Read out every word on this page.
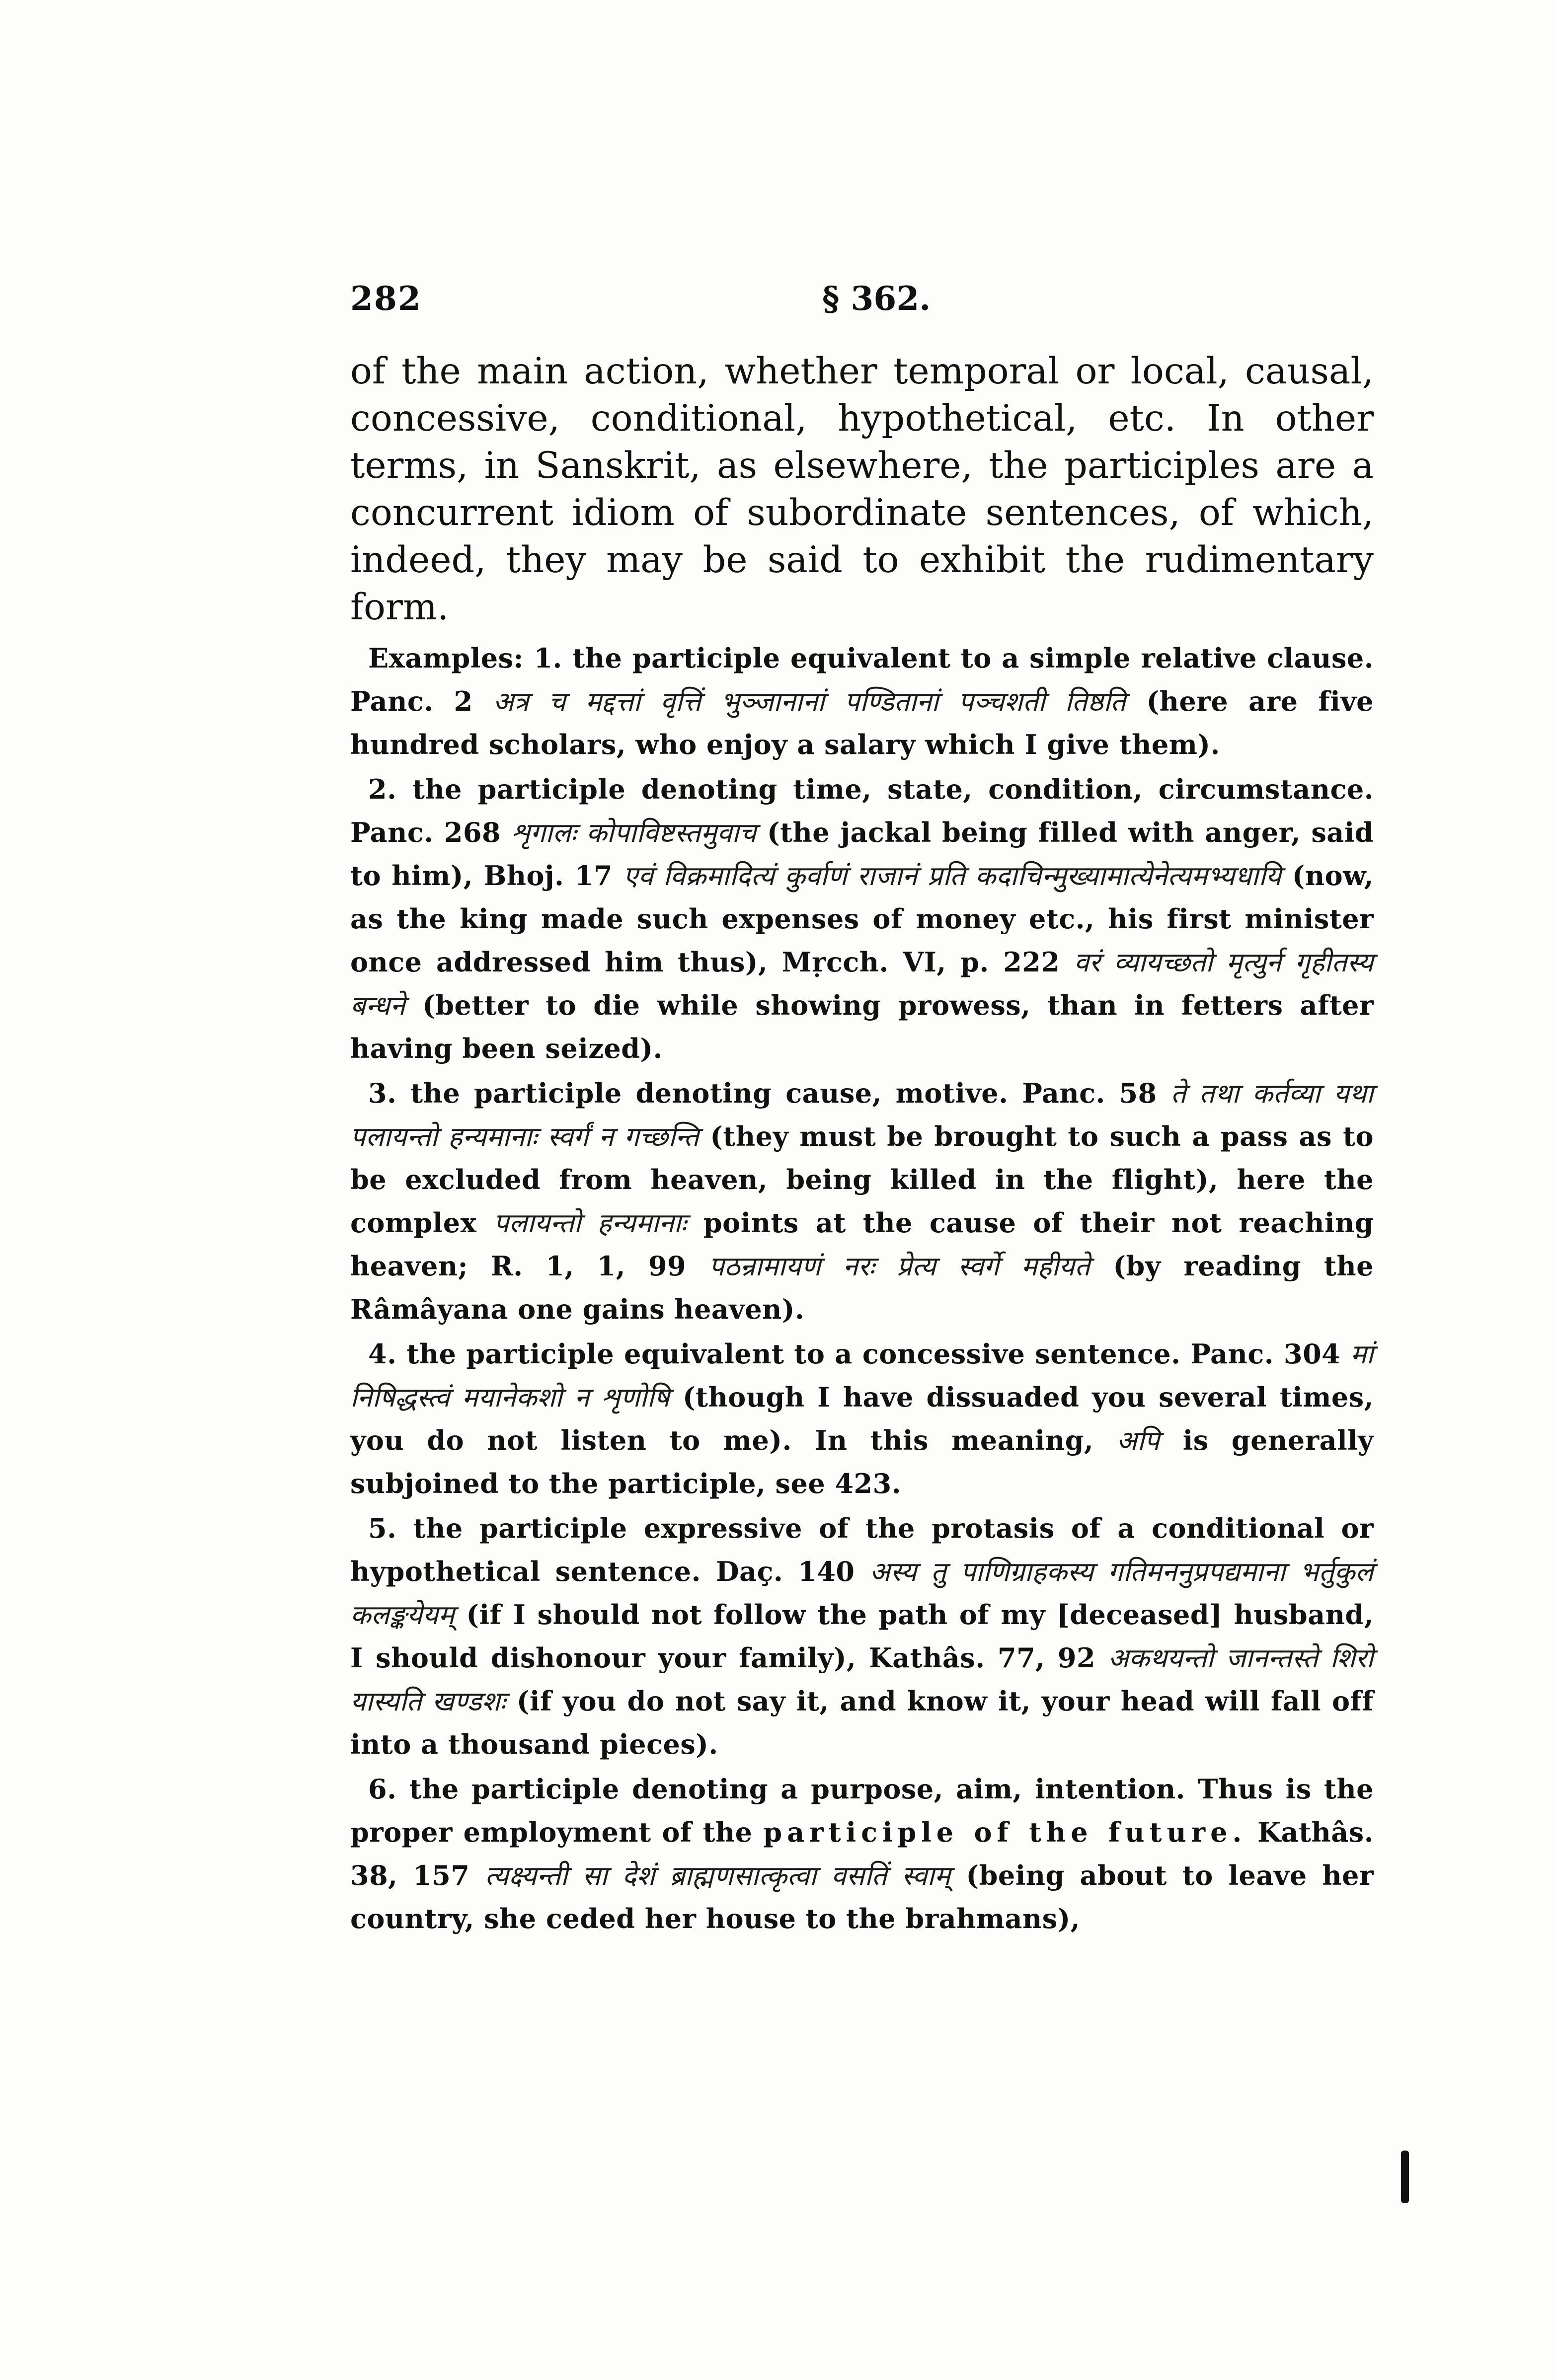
282	§ 362.

of the main action, whether temporal or local, causal, concessive, conditional, hypothetical, etc. In other terms, in Sanskrit, as elsewhere, the participles are a concurrent idiom of subordinate sentences, of which, indeed, they may be said to exhibit the rudimentary form.

Examples: 1. the participle equivalent to a simple relative clause. Panc. 2 अत्र च मद्दत्तां वृत्तिं भुञ्जानानां पण्डितानां पञ्चशती तिष्ठति (here are five hundred scholars, who enjoy a salary which I give them).

2. the participle denoting time, state, condition, circumstance. Panc. 268 शृगालः कोपाविष्टस्तमुवाच (the jackal being filled with anger, said to him), Bhoj. 17 एवं विक्रमादित्यं कुर्वाणं राजानं प्रति कदाचिन्मुख्यामात्येनेत्यमभ्यधायि (now, as the king made such expenses of money etc., his first minister once addressed him thus), Mṛcch. VI, p. 222 वरं व्यायच्छतो मृत्युर्न गृहीतस्य बन्धने (better to die while showing prowess, than in fetters after having been seized).

3. the participle denoting cause, motive. Panc. 58 ते तथा कर्तव्या यथा पलायन्तो हन्यमानाः स्वर्गं न गच्छन्ति (they must be brought to such a pass as to be excluded from heaven, being killed in the flight), here the complex पलायन्तो हन्यमानाः points at the cause of their not reaching heaven; R. 1, 1, 99 पठन्रामायणं नरः प्रेत्य स्वर्गे महीयते (by reading the Râmâyana one gains heaven).

4. the participle equivalent to a concessive sentence. Panc. 304 मां निषिद्धस्त्वं मयानेकशो न शृणोषि (though I have dissuaded you several times, you do not listen to me). In this meaning, अपि is generally subjoined to the participle, see 423.

5. the participle expressive of the protasis of a conditional or hypothetical sentence. Daç. 140 अस्य तु पाणिग्राहकस्य गतिमननुप्रपद्यमाना भर्तुकुलं कलङ्कयेयम् (if I should not follow the path of my [deceased] husband, I should dishonour your family), Kathâs. 77, 92 अकथयन्तो जानन्तस्ते शिरो यास्यति खण्डशः (if you do not say it, and know it, your head will fall off into a thousand pieces).

6. the participle denoting a purpose, aim, intention. Thus is the proper employment of the participle of the future. Kathâs. 38, 157 त्यक्ष्यन्ती सा देशं ब्राह्मणसात्कृत्वा वसतिं स्वाम् (being about to leave her country, she ceded her house to the brahmans),
